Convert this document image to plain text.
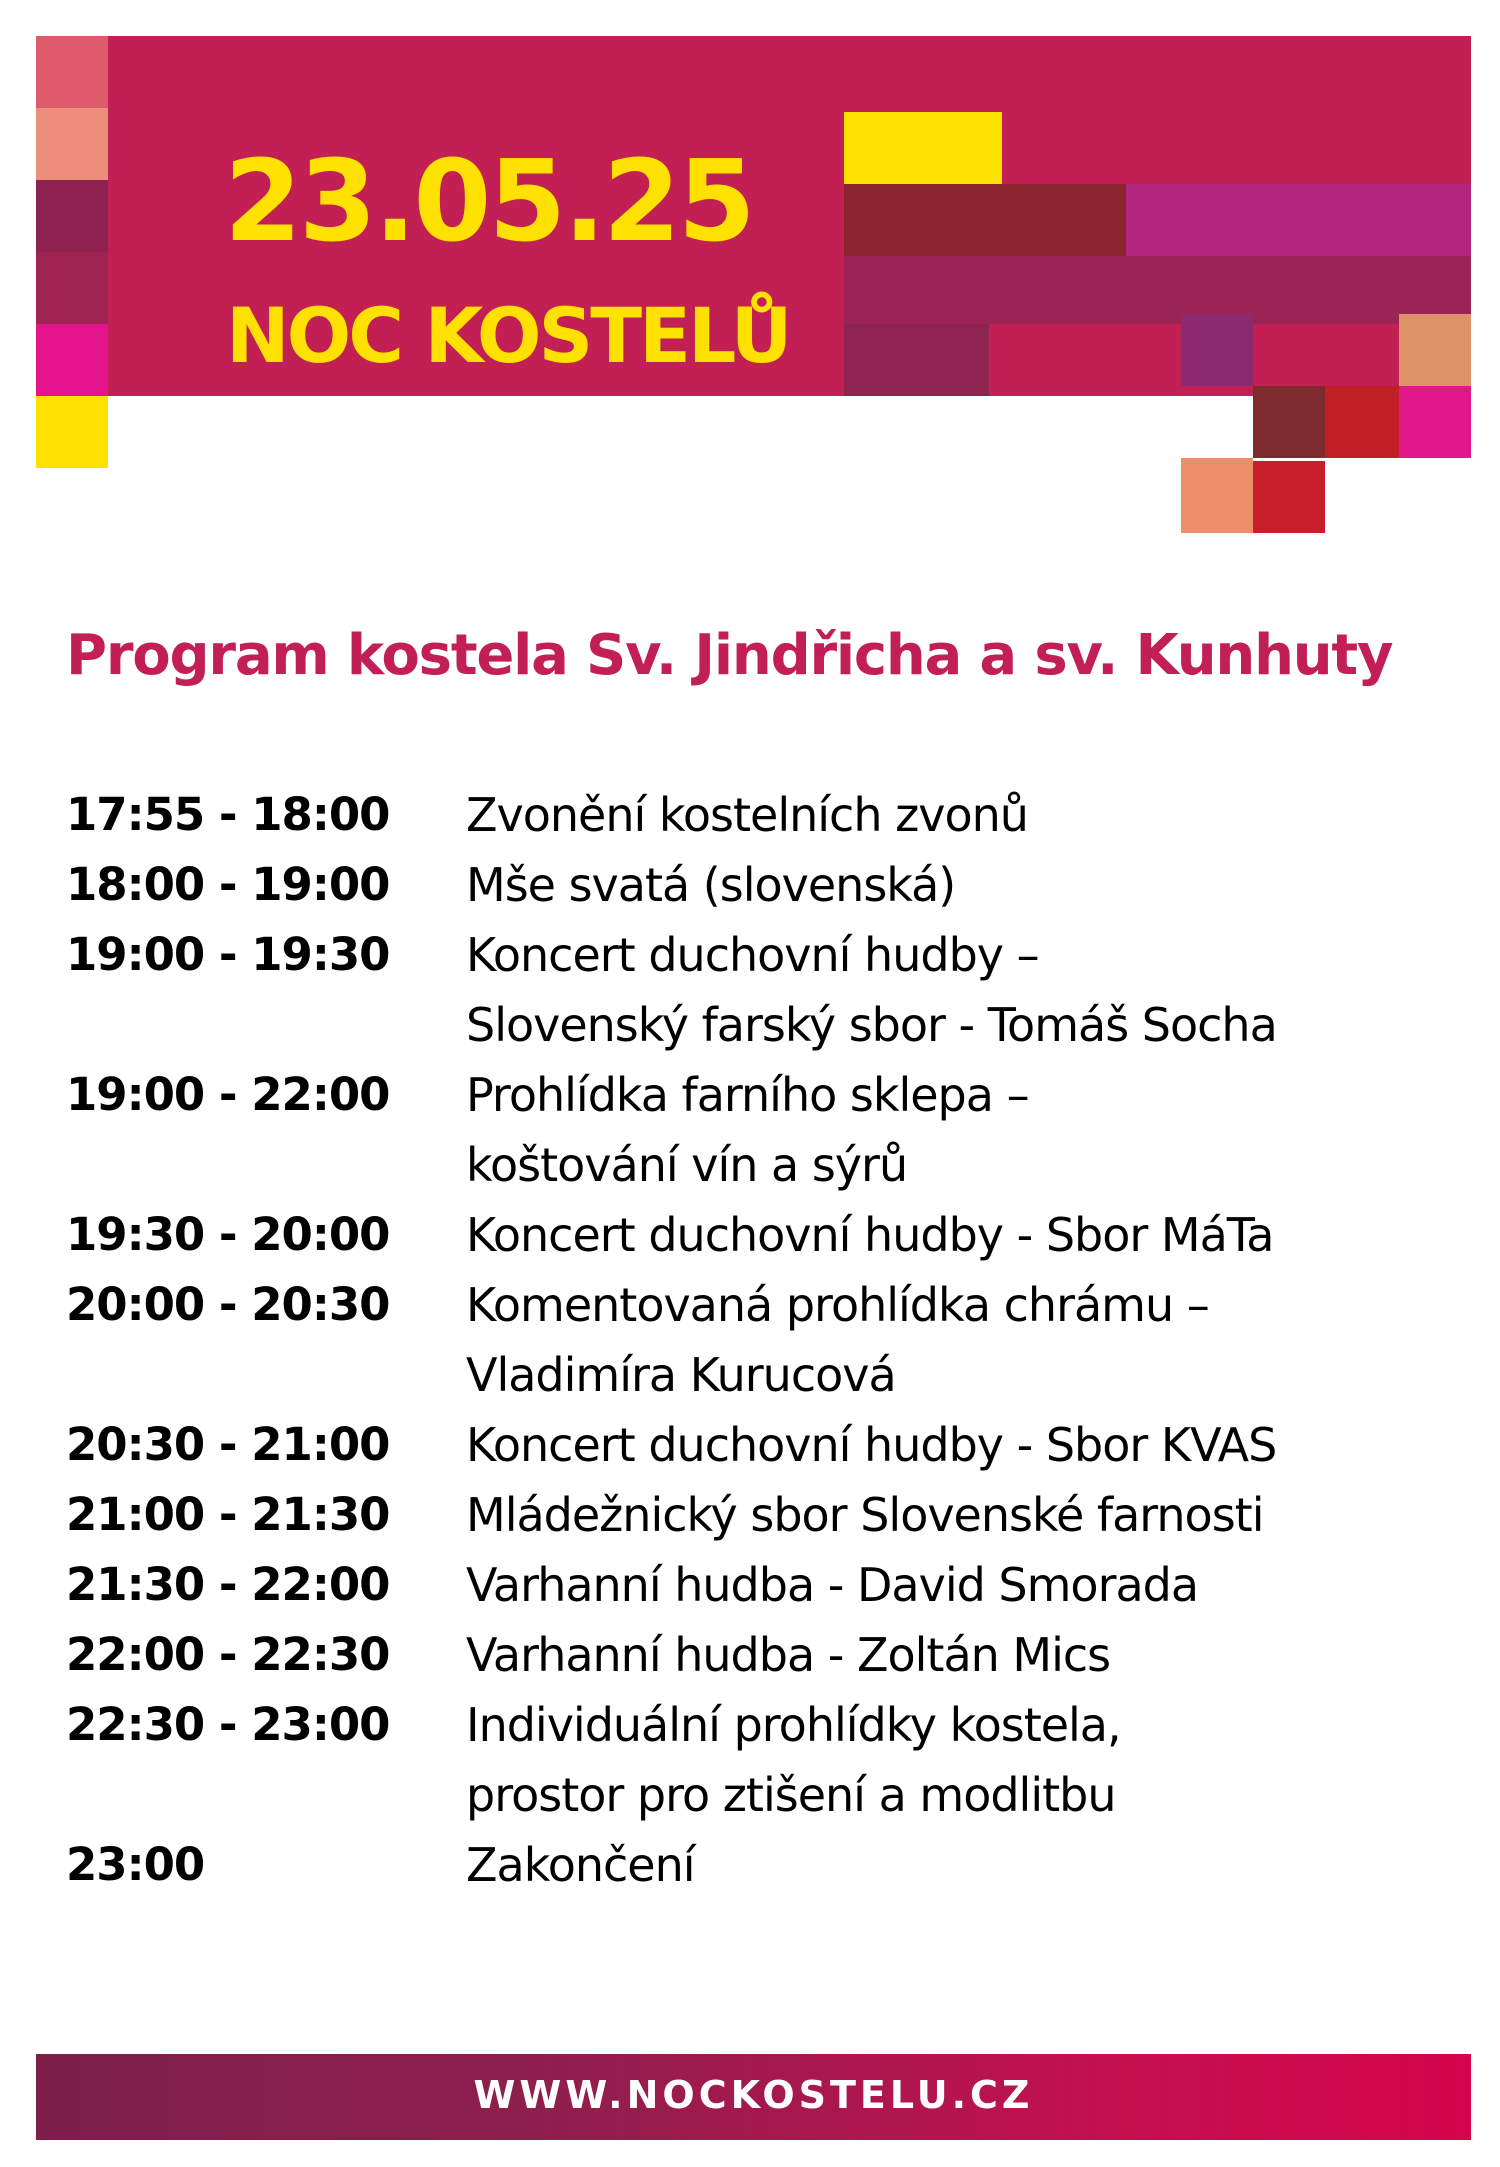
23.05.25
NOC KOSTELŮ

WWW.NOCKOSTELU.CZ

Program kostela Sv. Jindřicha a sv. Kunhuty
17:55 - 18:00	Zvonění kostelních zvonů
18:00 - 19:00	Mše svatá (slovenská)
19:00 - 19:30	Koncert duchovní hudby –
Slovenský farský sbor - Tomáš Socha
19:00 - 22:00	Prohlídka farního sklepa –
koštování vín a sýrů
19:30 - 20:00	Koncert duchovní hudby - Sbor MáTa
20:00 - 20:30	Komentovaná prohlídka chrámu –
Vladimíra Kurucová
20:30 - 21:00	Koncert duchovní hudby - Sbor KVAS
21:00 - 21:30	Mládežnický sbor Slovenské farnosti
21:30 - 22:00	Varhanní hudba - David Smorada
22:00 - 22:30	Varhanní hudba - Zoltán Mics
22:30 - 23:00	Individuální prohlídky kostela,
prostor pro ztišení a modlitbu
23:00	Zakončení

WWW.NOCKOSTELU.CZ
